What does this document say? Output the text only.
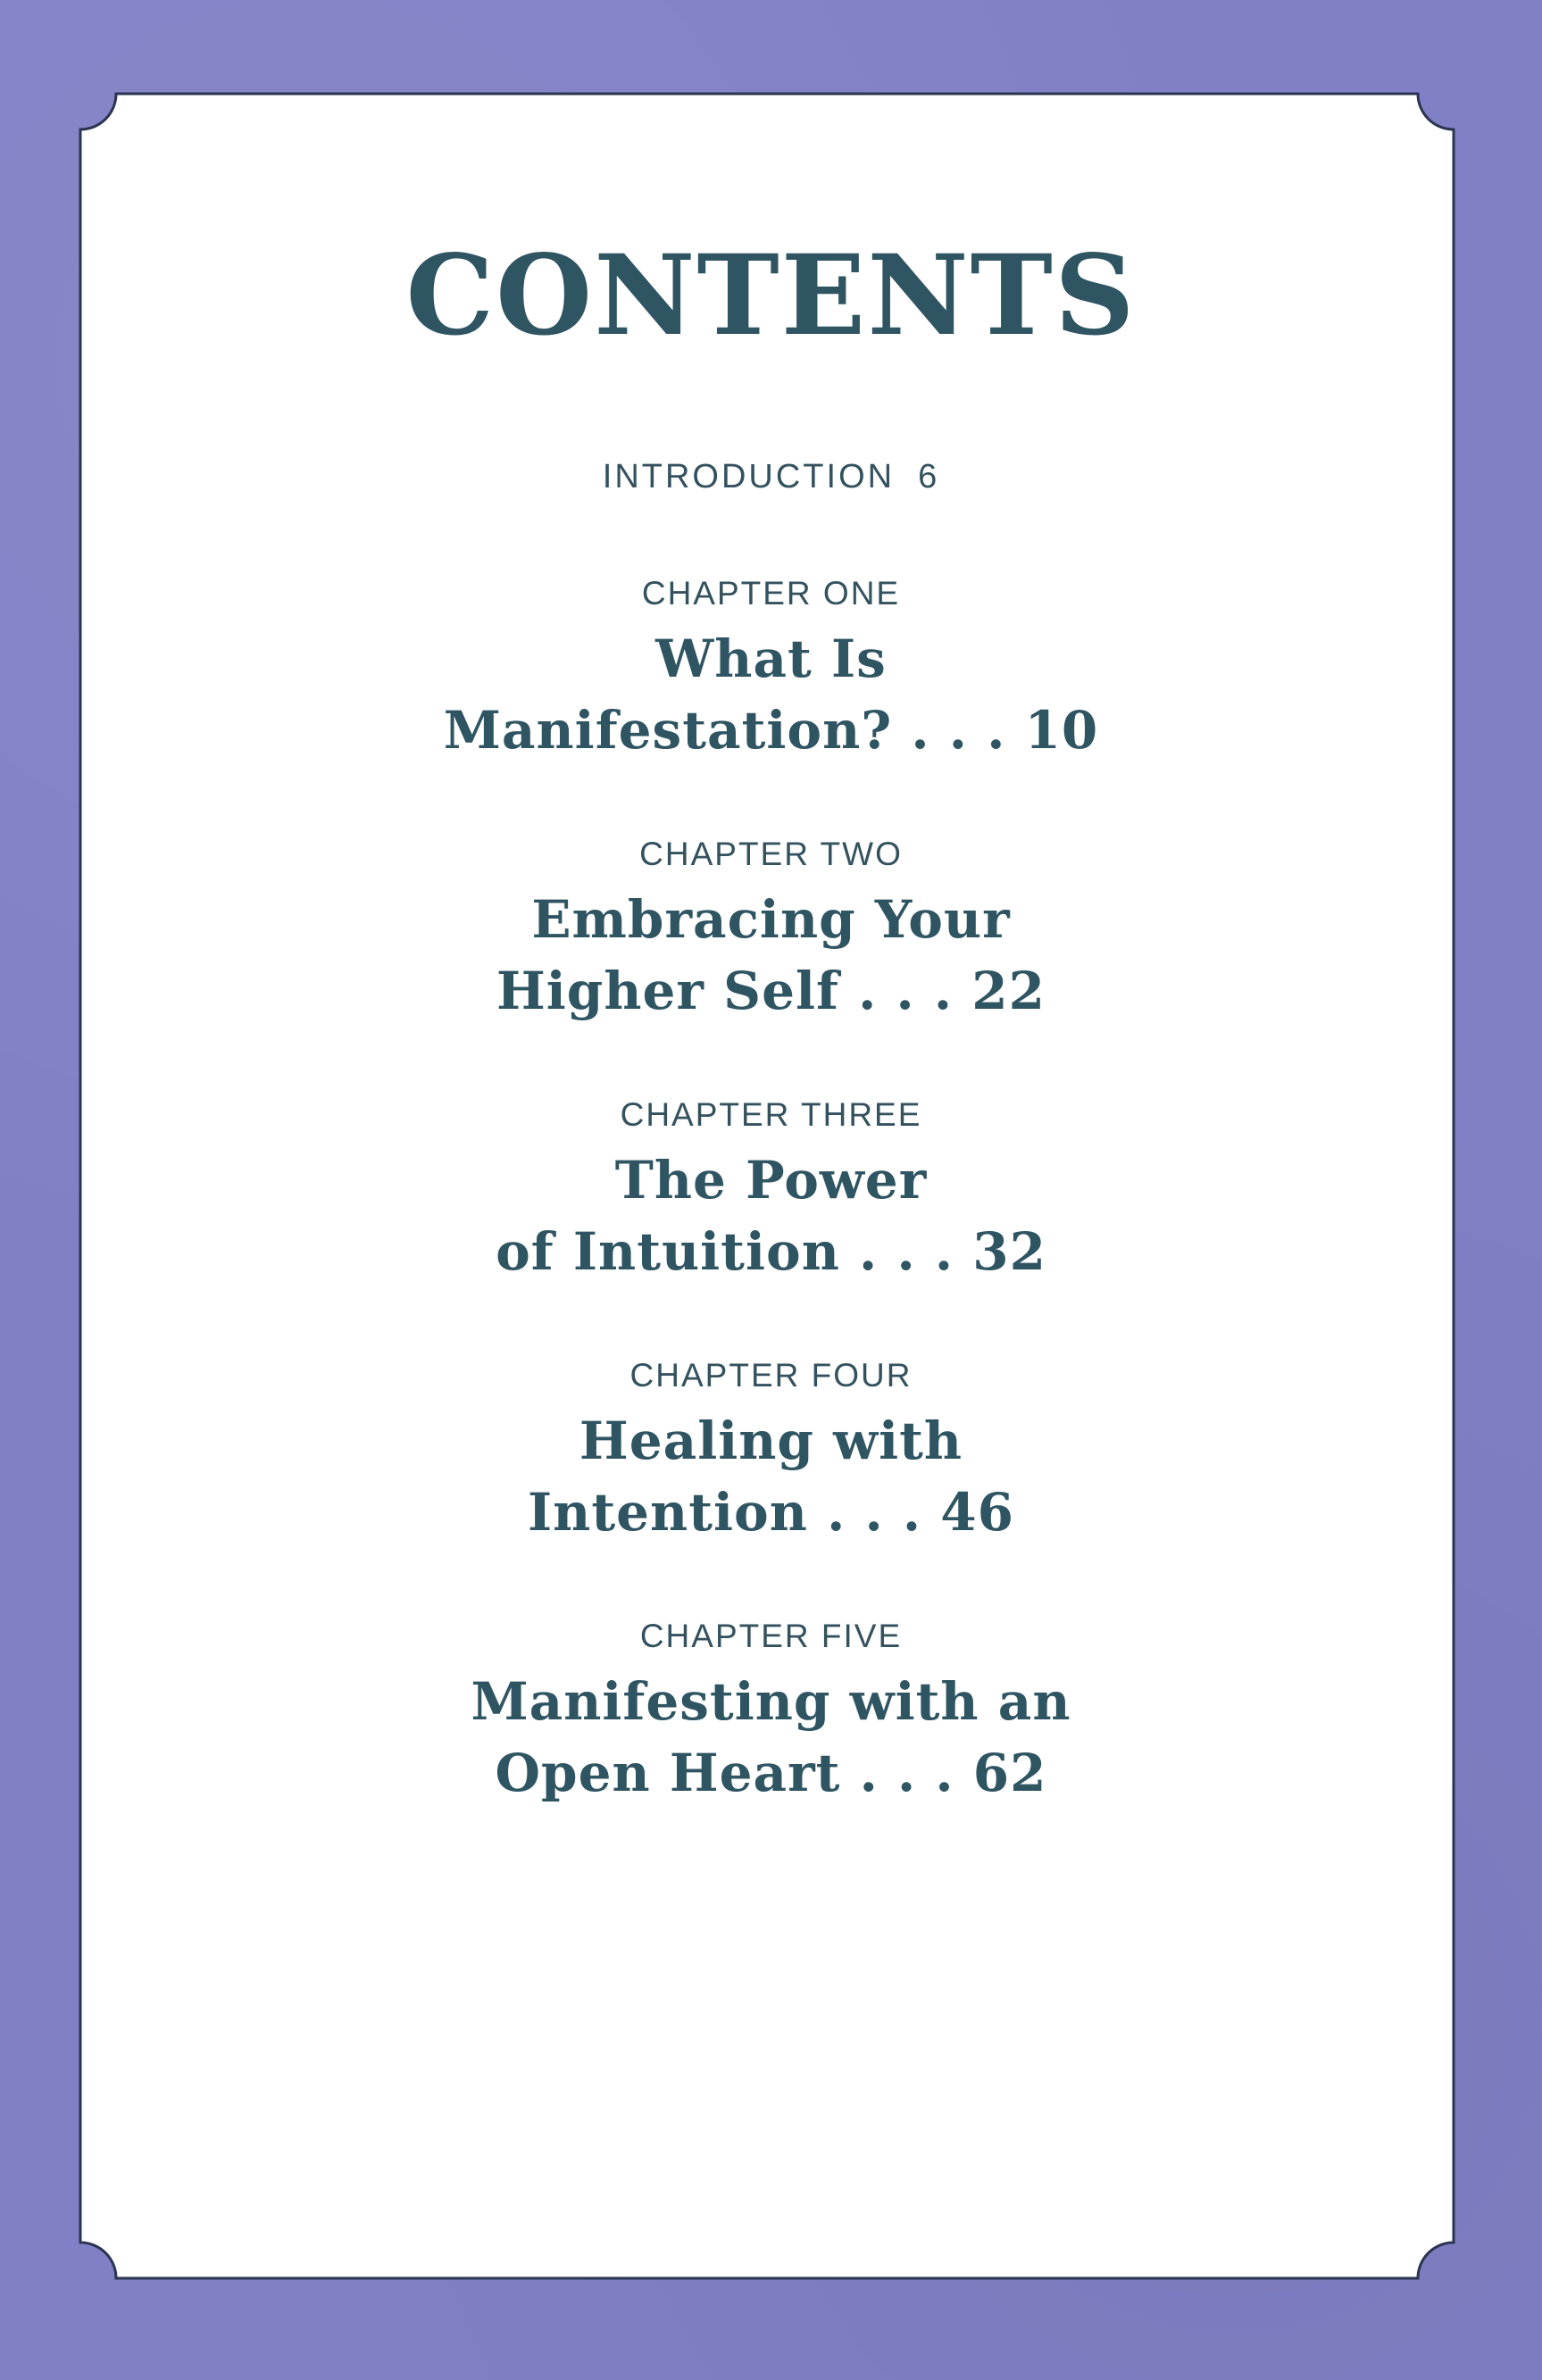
CONTENTS
INTRODUCTION 6
CHAPTER ONE
What Is
Manifestation? . . . 10
CHAPTER TWO
Embracing Your
Higher Self . . . 22
CHAPTER THREE
The Power
of Intuition . . . 32
CHAPTER FOUR
Healing with
Intention . . . 46
CHAPTER FIVE
Manifesting with an
Open Heart . . . 62
